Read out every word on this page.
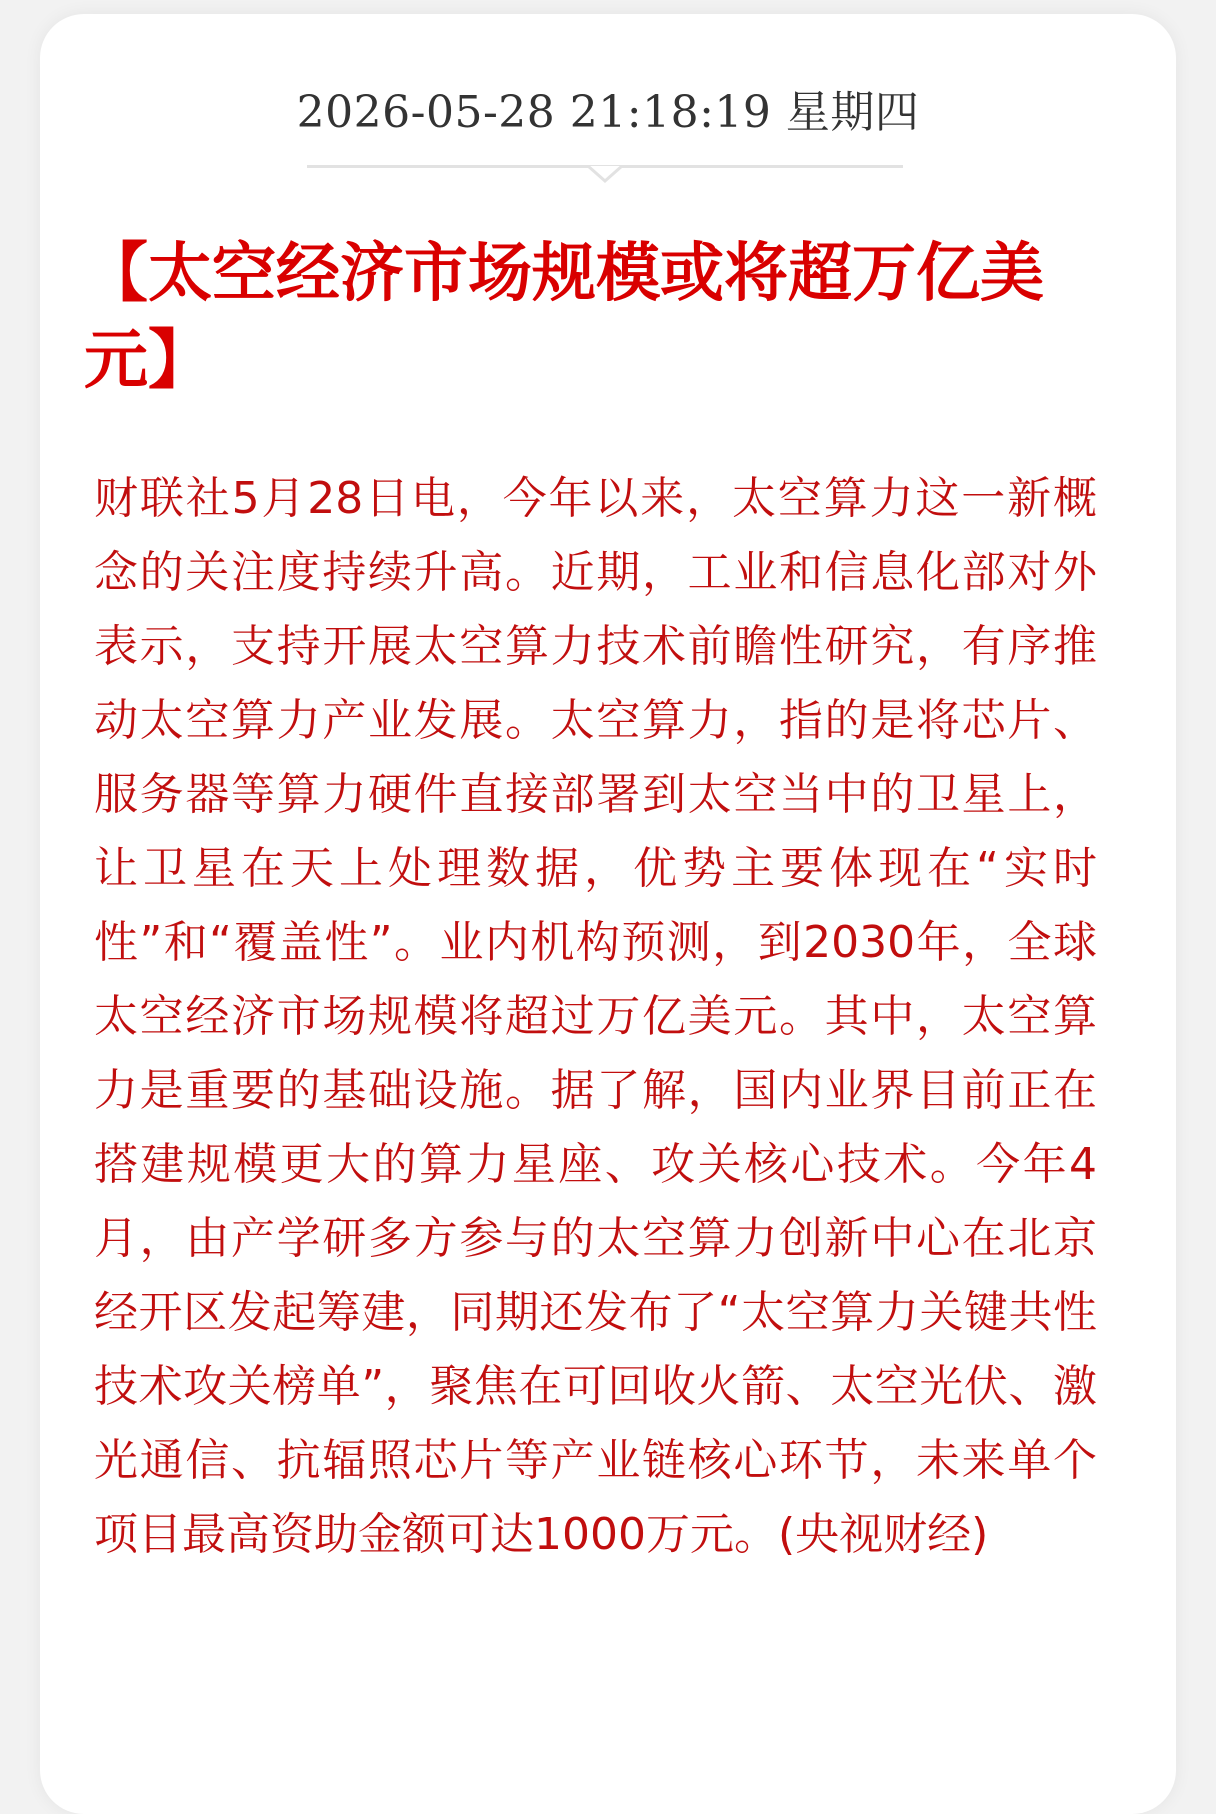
2026-05-28 21:18:19 星期四
【太空经济市场规模或将超万亿美元】

财联社5月28日电，今年以来，太空算力这一新概念的关注度持续升高。近期，工业和信息化部对外表示，支持开展太空算力技术前瞻性研究，有序推动太空算力产业发展。太空算力，指的是将芯片、服务器等算力硬件直接部署到太空当中的卫星上，让卫星在天上处理数据，优势主要体现在“实时性”和“覆盖性”。业内机构预测，到2030年，全球太空经济市场规模将超过万亿美元。其中，太空算力是重要的基础设施。据了解，国内业界目前正在搭建规模更大的算力星座、攻关核心技术。今年4月，由产学研多方参与的太空算力创新中心在北京经开区发起筹建，同期还发布了“太空算力关键共性技术攻关榜单”，聚焦在可回收火箭、太空光伏、激光通信、抗辐照芯片等产业链核心环节，未来单个项目最高资助金额可达1000万元。(央视财经)
